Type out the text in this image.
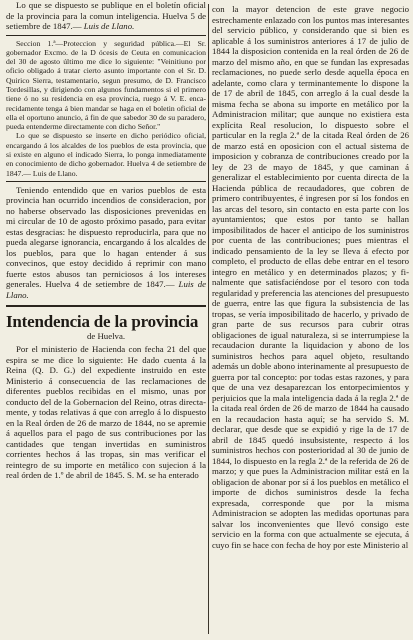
Lo que se dispuesto se publique en el boletín oficial de la provincia para la comun inteligencia. Huelva 5 de setiembre de 1847.— Luis de Llano.

Seccion 1.ª—Proteccion y seguridad pública.—El Sr. gobernador Excmo. de la D ócesis de Ceuta en comunicacion del 30 de agosto último me dice lo siguiente: "Veinitiuno por oficio obligado á tratar cierto asunto importante con el Sr. D. Quirico Sierra, testamentario, segun presumo, de D. Francisco Tordesillas, y dirigiendo con algunos fundamentos si el primero tiene ó no su residencia en esa provincia, ruego á V. E. encarecidamente tenga á bien mandar se haga en el boletin oficial de ella el oportuno anuncio, á fin de que sabedor 30 de su paradero, pueda entenderme directamente con dicho Señor."

Lo que se dispuesto se inserte en dicho periódico oficial, encargando á los alcaldes de los pueblos de esta provincia, que si existe en alguno el indicado Sierra, lo ponga inmediatamente en conocimiento de dicho gobernador. Huelva 4 de setiembre de 1847.— Luis de Llano.

Teniendo entendido que en varios pueblos de esta provincia han ocurrido incendios de consideracion, por no haberse observado las disposiciones prevenidas en mi circular de 10 de agosto próximo pasado, para evitar estas desgracias: he dispuesto reproducirla, para que no pueda alegarse ignorancia, encargando á los alcaldes de los pueblos, para que lo hagan entender á sus convecinos, que estoy decidido á reprimir con mano fuerte estos abusos tan perniciosos á los intereses generales. Huelva 4 de setiembre de 1847.— Luis de Llano.

Intendencia de la provincia

de Huelva.

Por el ministerio de Hacienda con fecha 21 del que espira se me dice lo siguiente: He dado cuenta á la Reina (Q. D. G.) del expediente instruido en este Ministerio á consecuencia de las reclamaciones de diferentes pueblos recibidas en el mismo, unas por conducto del de la Gobernacion del Reino, otras directamente, y todas relativas á que con arreglo á lo dispuesto en la Real órden de 26 de marzo de 1844, no se apremie á aquellos para el pago de sus contribuciones por las cantidades que tengan invertidas en suministros corrientes hechos á las tropas, sin mas verificar el reintegro de su importe en metálico con sujecion á la real órden de 1.º de abril de 1845. S. M. se ha enterado

con la mayor detencion de este grave negocio estrechamente enlazado con los puntos mas interesantes del servicio público, y considerando que si bien es aplicable á los suministros anteriores á 17 de julio de 1844 la disposicion contenida en la real órden de 26 de marzo del mismo año, en que se fundan las expresadas reclamaciones, no puede serlo desde aquella época en adelante, como clara y terminantemente lo dispone la de 17 de abril de 1845, con arreglo á la cual desde la misma fecha se abona su importe en metálico por la Administracion militar; que aunque no existiera esta explícita Real resolucion, lo dispuesto sobre el particular en la regla 2.ª de la citada Real órden de 26 de marzo está en oposicion con el actual sistema de imposicion y cobranza de contribuciones creado por la ley de 23 de mayo de 1845, y que caminan á generalizar el establecimiento por cuenta directa de la Hacienda pública de recaudadores, que cobren de primero contribuyentes, é ingresen por sí los fondos en las arcas del tesoro, sin contacto en esta parte con los ayuntamientos; que estos por tanto se hallan imposibilitados de hacer el anticipo de los suministros por cuenta de las contribuciones; pues mientras el indicado pensamiento de la ley se lleva á efecto por completo, el producto de ellas debe entrar en el tesoro integro en metálico y en determinados plazos; y finalmente que satisfaciéndose por el tesoro con toda regularidad y preferencia las atenciones del presupuesto de guerra, entre las que figura la subsistencia de las tropas, se vería imposibilitado de hacerlo, y privado de gran parte de sus recursos para cubrir otras obligaciones de igual naturaleza, si se interrumpiese la recaudacion durante la liquidacion y abono de los suministros hechos para aquel objeto, resultando además un doble abono interinamente al presupuesto de guerra por tal concepto: por todas estas razones, y para que de una vez desaparezcan los entorpecimientos y perjuicios que la mala inteligencia dada á la regla 2.ª de la citada real órden de 26 de marzo de 1844 ha causado en la recaudacion hasta aquí; se ha servido S. M. declarar, que desde que se expidió y rige la de 17 de abril de 1845 quedó insubsistente, respecto á los suministros hechos con posterioridad al 30 de junio de 1844, lo dispuesto en la regla 2.ª de la referida de 26 de marzo; y que pues la Administracion militar está en la obligacion de abonar por sí á los pueblos en metálico el importe de dichos suministros desde la fecha expresada, corresponde que por la misma Administracion se adopten las medidas oportunas para salvar los inconvenientes que llevó consigo este servicio en la forma con que actualmente se ejecuta, á cuyo fin se hace con fecha de hoy por este Ministerio al
